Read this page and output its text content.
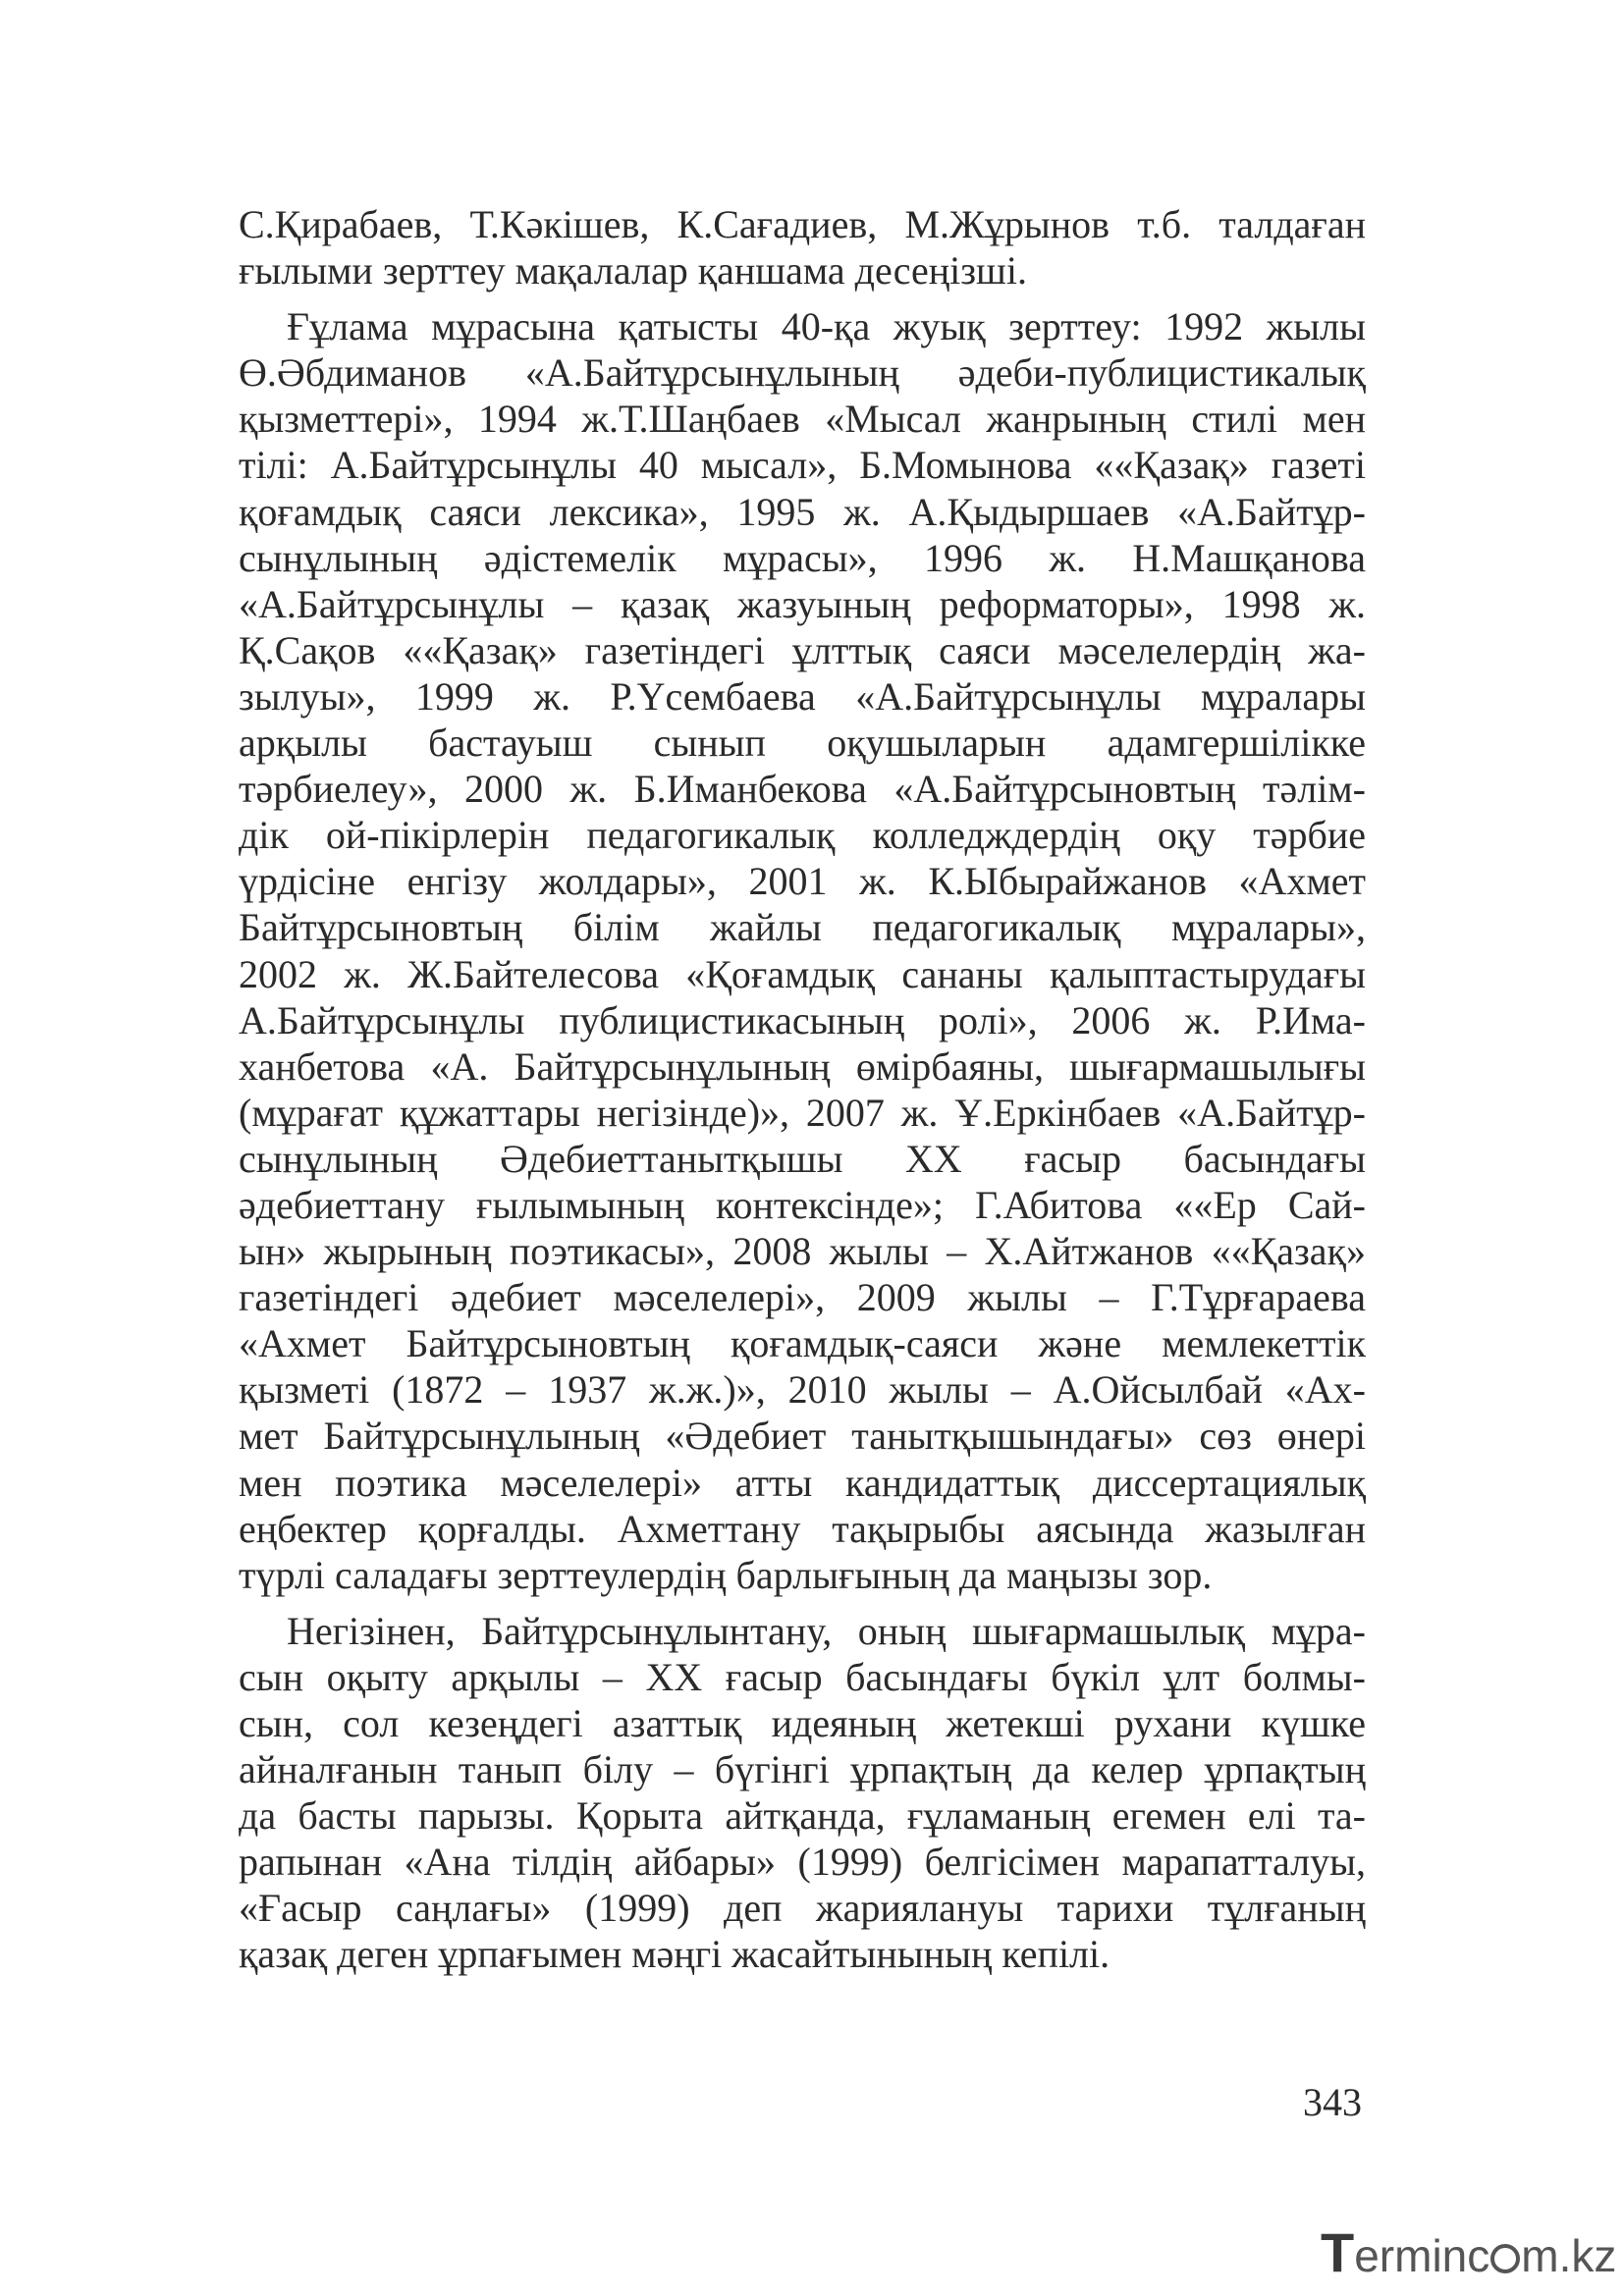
С.Қирабаев, Т.Кәкішев, К.Сағадиев, М.Жұрынов т.б. талдаған
ғылыми зерттеу мақалалар қаншама десеңізші.
Ғұлама мұрасына қатысты 40-қа жуық зерттеу: 1992 жылы
Ө.Әбдиманов «А.Байтұрсынұлының әдеби-публицистикалық
қызметтері», 1994 ж.Т.Шаңбаев «Мысал жанрының стилі мен
тілі: А.Байтұрсынұлы 40 мысал», Б.Момынова ««Қазақ» газеті
қоғамдық саяси лексика», 1995 ж. А.Қыдыршаев «А.Байтұр-
сынұлының әдістемелік мұрасы», 1996 ж. Н.Машқанова
«А.Байтұрсынұлы – қазақ жазуының реформаторы», 1998 ж.
Қ.Сақов ««Қазақ» газетіндегі ұлттық саяси мәселелердің жа-
зылуы», 1999 ж. Р.Үсембаева «А.Байтұрсынұлы мұралары
арқылы бастауыш сынып оқушыларын адамгершілікке
тәрбиелеу», 2000 ж. Б.Иманбекова «А.Байтұрсыновтың тәлім-
дік ой-пікірлерін педагогикалық колледждердің оқу тәрбие
үрдісіне енгізу жолдары», 2001 ж. К.Ыбырайжанов «Ахмет
Байтұрсыновтың білім жайлы педагогикалық мұралары»,
2002 ж. Ж.Байтелесова «Қоғамдық сананы қалыптастырудағы
А.Байтұрсынұлы публицистикасының ролі», 2006 ж. Р.Има-
ханбетова «А. Байтұрсынұлының өмірбаяны, шығармашылығы
(мұрағат құжаттары негізінде)», 2007 ж. Ұ.Еркінбаев «А.Байтұр-
сынұлының Әдебиеттанытқышы XX ғасыр басындағы
әдебиеттану ғылымының контексінде»; Г.Абитова ««Ер Сай-
ын» жырының поэтикасы», 2008 жылы – Х.Айтжанов ««Қазақ»
газетіндегі әдебиет мәселелері», 2009 жылы – Г.Тұрғараева
«Ахмет Байтұрсыновтың қоғамдық-саяси және мемлекеттік
қызметі (1872 – 1937 ж.ж.)», 2010 жылы – А.Ойсылбай «Ах-
мет Байтұрсынұлының «Әдебиет танытқышындағы» сөз өнері
мен поэтика мәселелері» атты кандидаттық диссертациялық
еңбектер қорғалды. Ахметтану тақырыбы аясында жазылған
түрлі саладағы зерттеулердің барлығының да маңызы зор.
Негізінен, Байтұрсынұлынтану, оның шығармашылық мұра-
сын оқыту арқылы – XX ғасыр басындағы бүкіл ұлт болмы-
сын, сол кезеңдегі азаттық идеяның жетекші рухани күшке
айналғанын танып білу – бүгінгі ұрпақтың да келер ұрпақтың
да басты парызы. Қорыта айтқанда, ғұламаның егемен елі та-
рапынан «Ана тілдің айбары» (1999) белгісімен марапатталуы,
«Ғасыр саңлағы» (1999) деп жариялануы тарихи тұлғаның
қазақ деген ұрпағымен мәңгі жасайтынының кепілі.
343
Terminc m.kz
